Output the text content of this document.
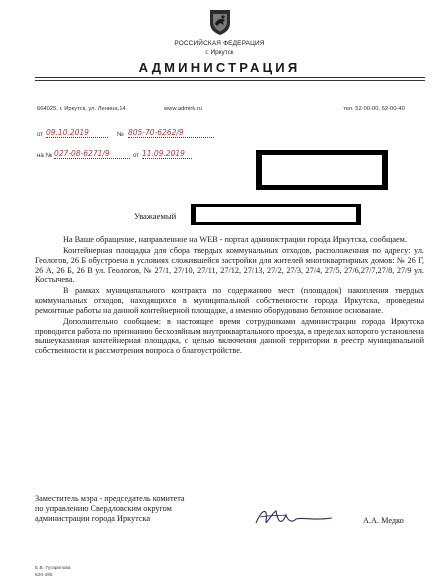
РОССИЙСКАЯ ФЕДЕРАЦИЯ
г. Иркутск
АДМИНИСТРАЦИЯ
664025, г. Иркутск, ул. Ленина,14	www.admirk.ru	тел. 52-00-00, 52-00-40
от 09.10.2019	№ 805-70-6262/9
на № 027-08-6271/9	от 11.09.2019
Уважаемый

На Ваше обращение, направленное на WEB - портал администрации города Иркутска, сообщаем.

Контейнерная площадка для сбора твердых коммунальных отходов, расположенная по адресу: ул. Геологов, 26 Б обустроена в условиях сложившейся застройки для жителей многоквартирных домов: № 26 Г, 26 А, 26 Б, 26 В ул. Геологов, № 27/1, 27/10, 27/11, 27/12, 27/13, 27/2, 27/3, 27/4, 27/5, 27/6,27/7,27/8, 27/9 ул. Костычева.

В рамках муниципального контракта по содержанию мест (площадок) накопления твердых коммунальных отходов, находящихся в муниципальной собственности города Иркутска, проведены ремонтные работы на данной контейнерной площадке, а именно оборудовано бетонное основание.

Дополнительно сообщаем: в настоящее время сотрудниками администрации города Иркутска проводится работа по признанию бесхозяйным внутриквартального проезда, в пределах которого установлена вышеуказанная контейнерная площадка, с целью включения данной территории в реестр муниципальной собственности и рассмотрения вопроса о благоустройстве.

Заместитель мэра - председатель комитета
по управлению Свердловским округом
администрации города Иркутска	А.А. Медко
Е.В. Тугарипова
520-495
